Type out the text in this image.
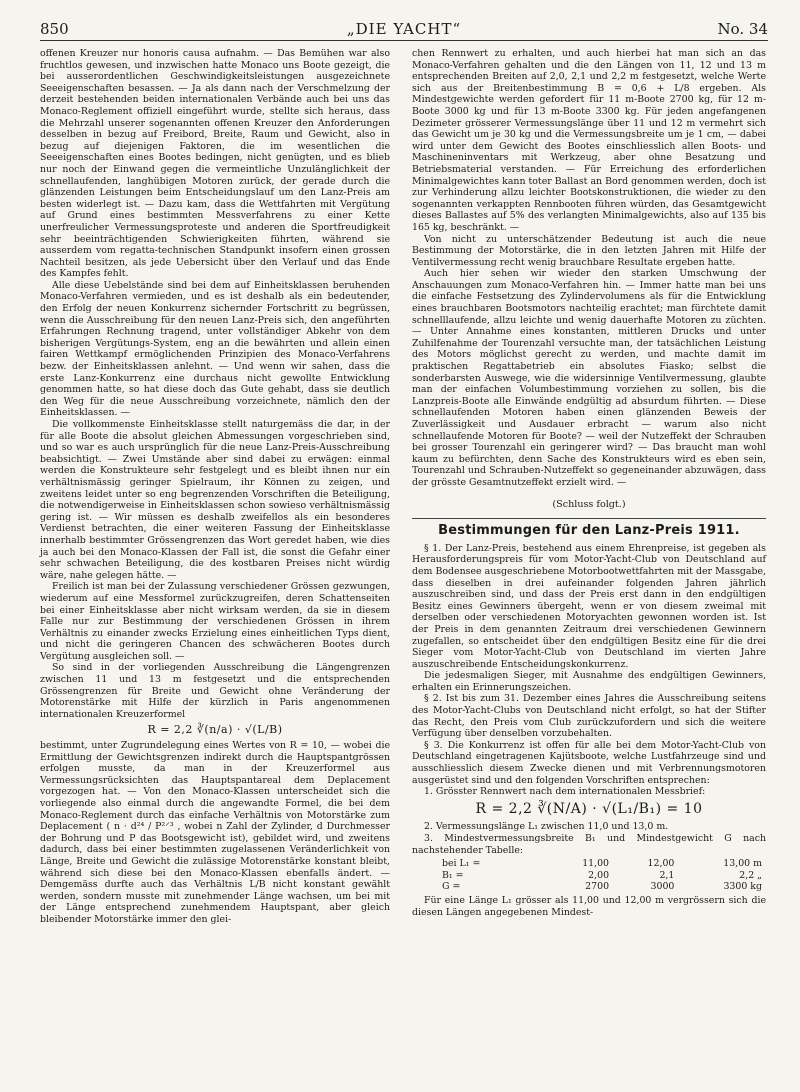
850	„DIE YACHT“	No. 34

offenen Kreuzer nur honoris causa aufnahm. — Das Bemühen war also fruchtlos gewesen, und inzwischen hatte Monaco uns Boote gezeigt, die bei ausserordentlichen Geschwindigkeitsleistungen ausgezeichnete Seeeigenschaften besassen. — Ja als dann nach der Verschmelzung der derzeit bestehenden beiden internationalen Verbände auch bei uns das Monaco-Reglement offiziell eingeführt wurde, stellte sich heraus, dass die Mehrzahl unserer sogenannten offenen Kreuzer den Anforderungen desselben in bezug auf Freibord, Breite, Raum und Gewicht, also in bezug auf diejenigen Faktoren, die im wesentlichen die Seeeigenschaften eines Bootes bedingen, nicht genügten, und es blieb nur noch der Einwand gegen die vermeintliche Unzulänglichkeit der schnellaufenden, langhübigen Motoren zurück, der gerade durch die glänzenden Leistungen beim Entscheidungslauf um den Lanz-Preis am besten widerlegt ist. — Dazu kam, dass die Wettfahrten mit Vergütung auf Grund eines bestimmten Messverfahrens zu einer Kette unerfreulicher Vermessungsproteste und anderen die Sportfreudigkeit sehr beeinträchtigenden Schwierigkeiten führten, während sie ausserdem vom regatta-technischen Standpunkt insofern einen grossen Nachteil besitzen, als jede Uebersicht über den Verlauf und das Ende des Kampfes fehlt.

Alle diese Uebelstände sind bei dem auf Einheitsklassen beruhenden Monaco-Verfahren vermieden, und es ist deshalb als ein bedeutender, den Erfolg der neuen Konkurrenz sichernder Fortschritt zu begrüssen, wenn die Ausschreibung für den neuen Lanz-Preis sich, den angeführten Erfahrungen Rechnung tragend, unter vollständiger Abkehr von dem bisherigen Vergütungs-System, eng an die bewährten und allein einen fairen Wettkampf ermöglichenden Prinzipien des Monaco-Verfahrens bezw. der Einheitsklassen anlehnt. — Und wenn wir sahen, dass die erste Lanz-Konkurrenz eine durchaus nicht gewollte Entwicklung genommen hatte, so hat diese doch das Gute gehabt, dass sie deutlich den Weg für die neue Ausschreibung vorzeichnete, nämlich den der Einheitsklassen. —

Die vollkommenste Einheitsklasse stellt naturgemäss die dar, in der für alle Boote die absolut gleichen Abmessungen vorgeschrieben sind, und so war es auch ursprünglich für die neue Lanz-Preis-Ausschreibung beabsichtigt. — Zwei Umstände aber sind dabei zu erwägen: einmal werden die Konstrukteure sehr festgelegt und es bleibt ihnen nur ein verhältnismässig geringer Spielraum, ihr Können zu zeigen, und zweitens leidet unter so eng begrenzenden Vorschriften die Beteiligung, die notwendigerweise in Einheitsklassen schon sowieso verhältnismässig gering ist. — Wir müssen es deshalb zweifellos als ein besonderes Verdienst betrachten, die einer weiteren Fassung der Einheitsklasse innerhalb bestimmter Grössengrenzen das Wort geredet haben, wie dies ja auch bei den Monaco-Klassen der Fall ist, die sonst die Gefahr einer sehr schwachen Beteiligung, die des kostbaren Preises nicht würdig wäre, nahe gelegen hätte. —

Freilich ist man bei der Zulassung verschiedener Grössen gezwungen, wiederum auf eine Messformel zurückzugreifen, deren Schattenseiten bei einer Einheitsklasse aber nicht wirksam werden, da sie in diesem Falle nur zur Bestimmung der verschiedenen Grössen in ihrem Verhältnis zu einander zwecks Erzielung eines einheitlichen Typs dient, und nicht die geringeren Chancen des schwächeren Bootes durch Vergütung ausgleichen soll. —

So sind in der vorliegenden Ausschreibung die Längengrenzen zwischen 11 und 13 m festgesetzt und die entsprechenden Grössengrenzen für Breite und Gewicht ohne Veränderung der Motorenstärke mit Hilfe der kürzlich in Paris angenommenen internationalen Kreuzerformel

R = 2,2 ∛(n/a) · √(L/B)

bestimmt, unter Zugrundelegung eines Wertes von R = 10, — wobei die Ermittlung der Gewichtsgrenzen indirekt durch die Hauptspantgrössen erfolgen musste, da man in der Kreuzerformel aus Vermessungsrücksichten das Hauptspantareal dem Deplacement vorgezogen hat. — Von den Monaco-Klassen unterscheidet sich die vorliegende also einmal durch die angewandte Formel, die bei dem Monaco-Reglement durch das einfache Verhältnis von Motorstärke zum Deplacement ( n · d²⁴ / P²⸍³ , wobei n Zahl der Zylinder, d Durchmesser der Bohrung und P das Bootsgewicht ist), gebildet wird, und zweitens dadurch, dass bei einer bestimmten zugelassenen Veränderlichkeit von Länge, Breite und Gewicht die zulässige Motorenstärke konstant bleibt, während sich diese bei den Monaco-Klassen ebenfalls ändert. — Demgemäss durfte auch das Verhältnis L/B nicht konstant gewählt werden, sondern musste mit zunehmender Länge wachsen, um bei mit der Länge entsprechend zunehmendem Hauptspant, aber gleich bleibender Motorstärke immer den glei-

chen Rennwert zu erhalten, und auch hierbei hat man sich an das Monaco-Verfahren gehalten und die den Längen von 11, 12 und 13 m entsprechenden Breiten auf 2,0, 2,1 und 2,2 m festgesetzt, welche Werte sich aus der Breitenbestimmung B = 0,6 + L/8 ergeben. Als Mindestgewichte werden gefordert für 11 m-Boote 2700 kg, für 12 m-Boote 3000 kg und für 13 m-Boote 3300 kg. Für jeden angefangenen Dezimeter grösserer Vermessungslänge über 11 und 12 m vermehrt sich das Gewicht um je 30 kg und die Vermessungsbreite um je 1 cm, — dabei wird unter dem Gewicht des Bootes einschliesslich allen Boots- und Maschineninventars mit Werkzeug, aber ohne Besatzung und Betriebsmaterial verstanden. — Für Erreichung des erforderlichen Minimalgewichtes kann toter Ballast an Bord genommen werden, doch ist zur Verhinderung allzu leichter Bootskonstruktionen, die wieder zu den sogenannten verkappten Rennbooten führen würden, das Gesamtgewicht dieses Ballastes auf 5% des verlangten Minimalgewichts, also auf 135 bis 165 kg, beschränkt. —

Von nicht zu unterschätzender Bedeutung ist auch die neue Bestimmung der Motorstärke, die in den letzten Jahren mit Hilfe der Ventilvermessung recht wenig brauchbare Resultate ergeben hatte.

Auch hier sehen wir wieder den starken Umschwung der Anschauungen zum Monaco-Verfahren hin. — Immer hatte man bei uns die einfache Festsetzung des Zylindervolumens als für die Entwicklung eines brauchbaren Bootsmotors nachteilig erachtet; man fürchtete damit schnelllaufende, allzu leichte und wenig dauerhafte Motoren zu züchten. — Unter Annahme eines konstanten, mittleren Drucks und unter Zuhilfenahme der Tourenzahl versuchte man, der tatsächlichen Leistung des Motors möglichst gerecht zu werden, und machte damit im praktischen Regattabetrieb ein absolutes Fiasko; selbst die sonderbarsten Auswege, wie die widersinnige Ventilvermessung, glaubte man der einfachen Volumbestimmung vorziehen zu sollen, bis die Lanzpreis-Boote alle Einwände endgültig ad absurdum führten. — Diese schnellaufenden Motoren haben einen glänzenden Beweis der Zuverlässigkeit und Ausdauer erbracht — warum also nicht schnellaufende Motoren für Boote? — weil der Nutzeffekt der Schrauben bei grosser Tourenzahl ein geringerer wird? — Das braucht man wohl kaum zu befürchten, denn Sache des Konstrukteurs wird es eben sein, Tourenzahl und Schrauben-Nutzeffekt so gegeneinander abzuwägen, dass der grösste Gesamtnutzeffekt erzielt wird. —

(Schluss folgt.)
Bestimmungen für den Lanz-Preis 1911.

§ 1. Der Lanz-Preis, bestehend aus einem Ehrenpreise, ist gegeben als Herausforderungspreis für vom Motor-Yacht-Club von Deutschland auf dem Bodensee ausgeschriebene Motorbootwettfahrten mit der Massgabe, dass dieselben in drei aufeinander folgenden Jahren jährlich auszuschreiben sind, und dass der Preis erst dann in den endgültigen Besitz eines Gewinners übergeht, wenn er von diesem zweimal mit derselben oder verschiedenen Motoryachten gewonnen worden ist. Ist der Preis in dem genannten Zeitraum drei verschiedenen Gewinnern zugefallen, so entscheidet über den endgültigen Besitz eine für die drei Sieger vom Motor-Yacht-Club von Deutschland im vierten Jahre auszuschreibende Entscheidungskonkurrenz.

Die jedesmaligen Sieger, mit Ausnahme des endgültigen Gewinners, erhalten ein Erinnerungszeichen.

§ 2. Ist bis zum 31. Dezember eines Jahres die Ausschreibung seitens des Motor-Yacht-Clubs von Deutschland nicht erfolgt, so hat der Stifter das Recht, den Preis vom Club zurückzufordern und sich die weitere Verfügung über denselben vorzubehalten.

§ 3. Die Konkurrenz ist offen für alle bei dem Motor-Yacht-Club von Deutschland eingetragenen Kajütsboote, welche Lustfahrzeuge sind und ausschliesslich diesem Zwecke dienen und mit Verbrennungsmotoren ausgerüstet sind und den folgenden Vorschriften entsprechen:

1. Grösster Rennwert nach dem internationalen Messbrief:

R = 2,2 ∛(N/A) · √(L₁/B₁) = 10

2. Vermessungslänge L₁ zwischen 11,0 und 13,0 m.

3. Mindestvermessungsbreite B₁ und Mindestgewicht G nach nachstehender Tabelle:

bei L₁ =	11,00	12,00	13,00 m
B₁ =	2,00	2,1	2,2 „
G =	2700	3000	3300 kg

Für eine Länge L₁ grösser als 11,00 und 12,00 m vergrössern sich die diesen Längen angegebenen Mindest-
